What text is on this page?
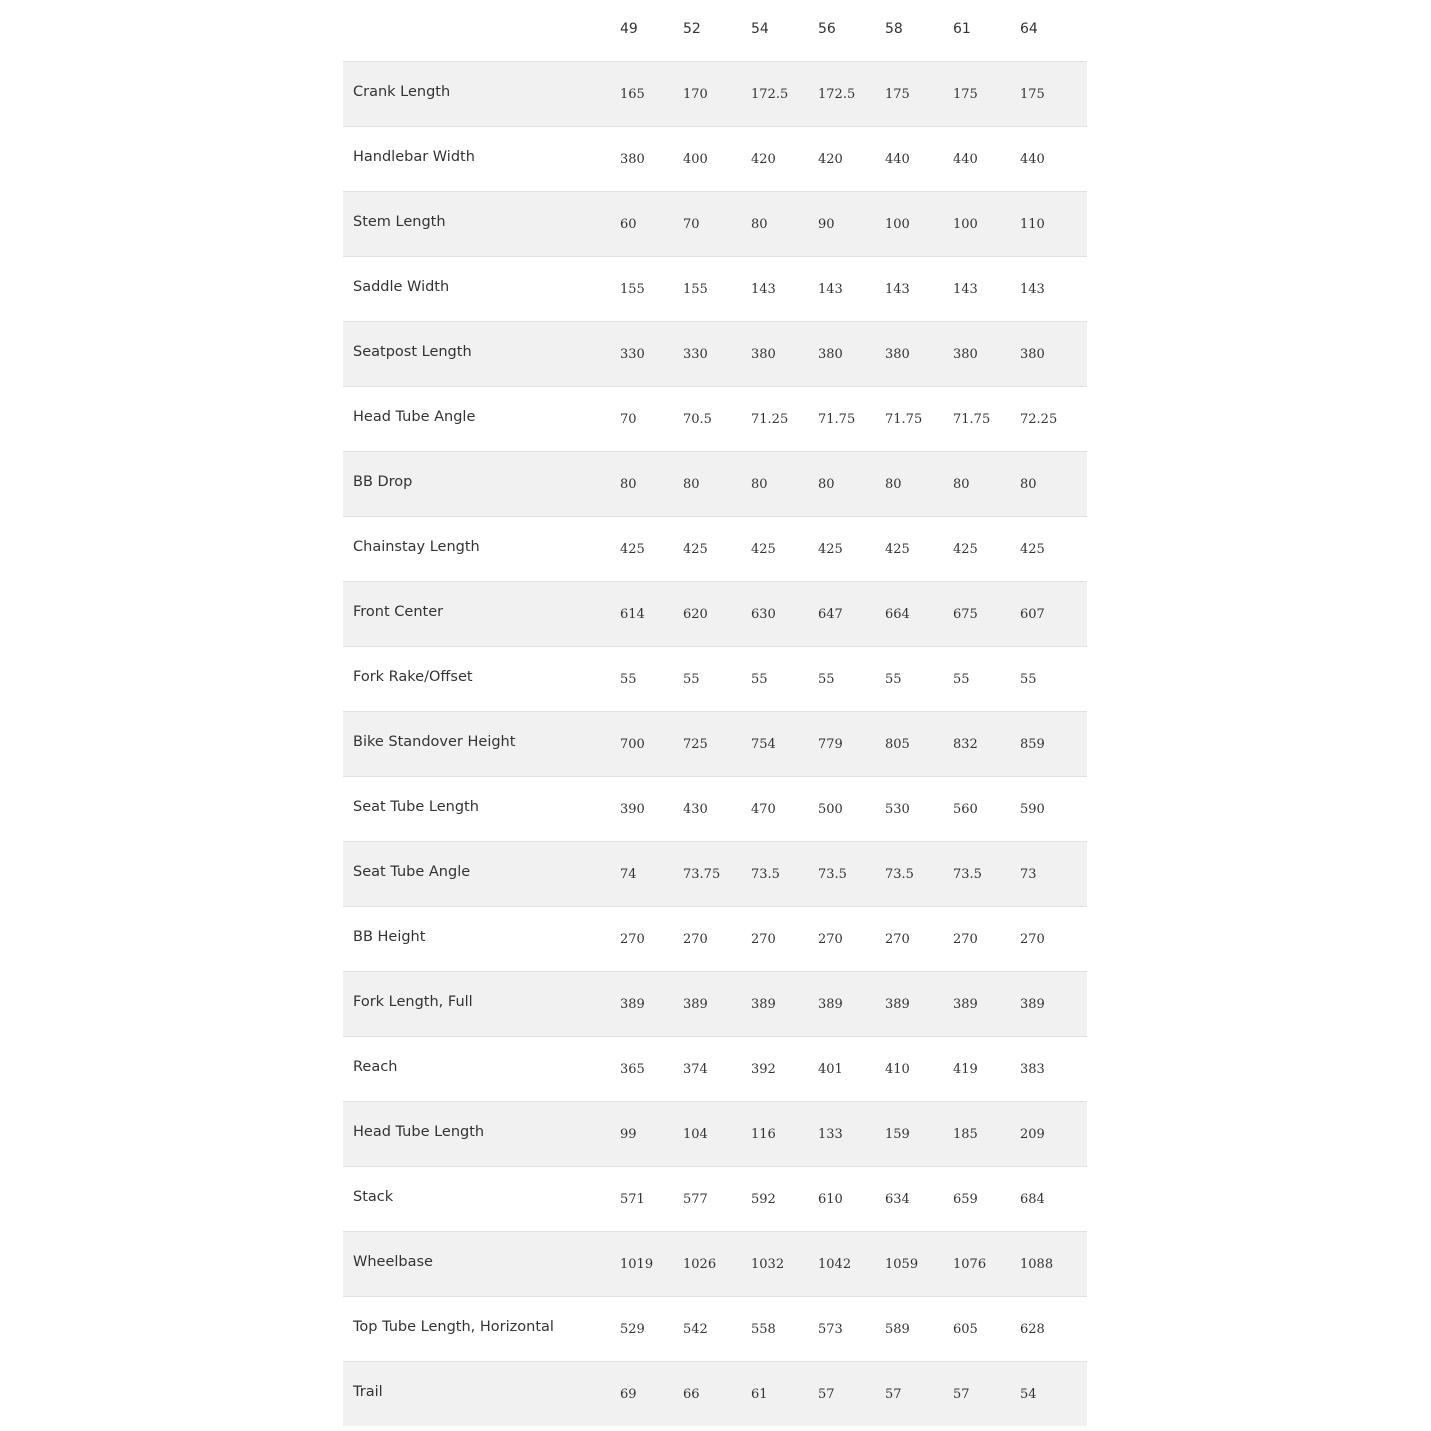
	49	52	54	56	58	61	64
Crank Length	165	170	172.5	172.5	175	175	175
Handlebar Width	380	400	420	420	440	440	440
Stem Length	60	70	80	90	100	100	110
Saddle Width	155	155	143	143	143	143	143
Seatpost Length	330	330	380	380	380	380	380
Head Tube Angle	70	70.5	71.25	71.75	71.75	71.75	72.25
BB Drop	80	80	80	80	80	80	80
Chainstay Length	425	425	425	425	425	425	425
Front Center	614	620	630	647	664	675	607
Fork Rake/Offset	55	55	55	55	55	55	55
Bike Standover Height	700	725	754	779	805	832	859
Seat Tube Length	390	430	470	500	530	560	590
Seat Tube Angle	74	73.75	73.5	73.5	73.5	73.5	73
BB Height	270	270	270	270	270	270	270
Fork Length, Full	389	389	389	389	389	389	389
Reach	365	374	392	401	410	419	383
Head Tube Length	99	104	116	133	159	185	209
Stack	571	577	592	610	634	659	684
Wheelbase	1019	1026	1032	1042	1059	1076	1088
Top Tube Length, Horizontal	529	542	558	573	589	605	628
Trail	69	66	61	57	57	57	54
